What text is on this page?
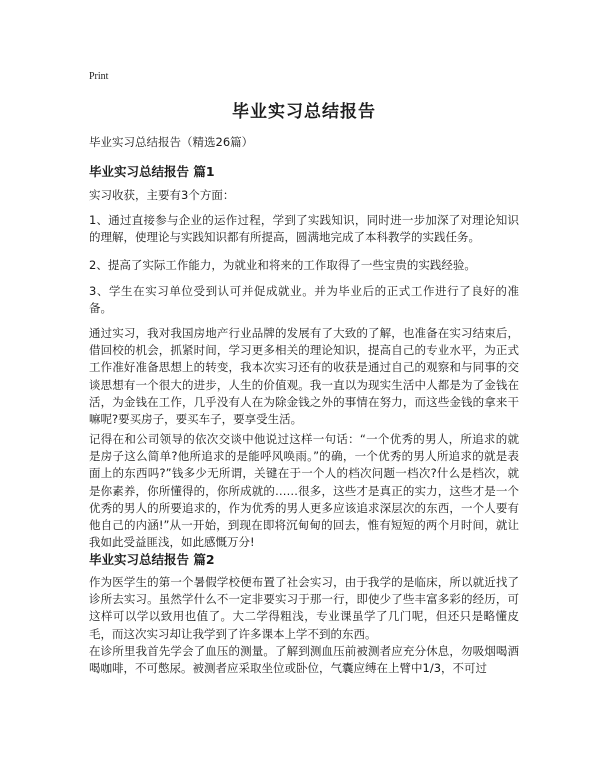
Print
毕业实习总结报告
毕业实习总结报告（精选26篇）
毕业实习总结报告 篇1

实习收获，主要有3个方面：

1、通过直接参与企业的运作过程，学到了实践知识，同时进一步加深了对理论知识的理解，使理论与实践知识都有所提高，圆满地完成了本科教学的实践任务。

2、提高了实际工作能力，为就业和将来的工作取得了一些宝贵的实践经验。

3、学生在实习单位受到认可并促成就业。并为毕业后的正式工作进行了良好的准备。

通过实习，我对我国房地产行业品牌的发展有了大致的了解，也准备在实习结束后，借回校的机会，抓紧时间，学习更多相关的理论知识，提高自己的专业水平，为正式工作准好准备思想上的转变，我本次实习还有的收获是通过自己的观察和与同事的交谈思想有一个很大的进步，人生的价值观。我一直以为现实生活中人都是为了金钱在活，为金钱在工作，几乎没有人在为除金钱之外的事情在努力，而这些金钱的拿来干嘛呢?要买房子，要买车子，要享受生活。

记得在和公司领导的依次交谈中他说过这样一句话：“一个优秀的男人，所追求的就是房子这么简单?他所追求的是能呼风唤雨。”的确，一个优秀的男人所追求的就是表面上的东西吗?”钱多少无所谓，关键在于一个人的档次问题一档次?什么是档次，就是你素养，你所懂得的，你所成就的……很多，这些才是真正的实力，这些才是一个优秀的男人的所要追求的，作为优秀的男人更多应该追求深层次的东西，一个人要有他自己的内涵!”从一开始，到现在即将沉甸甸的回去，惟有短短的两个月时间，就让我如此受益匪浅，如此感慨万分!

毕业实习总结报告 篇2

作为医学生的第一个暑假学校便布置了社会实习，由于我学的是临床，所以就近找了诊所去实习。虽然学什么不一定非要实习于那一行，即使少了些丰富多彩的经历，可这样可以学以致用也值了。大二学得粗浅，专业课虽学了几门呢，但还只是略懂皮毛，而这次实习却让我学到了许多课本上学不到的东西。

在诊所里我首先学会了血压的测量。了解到测血压前被测者应充分休息，勿吸烟喝酒喝咖啡，不可憋尿。被测者应采取坐位或卧位，气囊应缚在上臂中1/3，不可过
